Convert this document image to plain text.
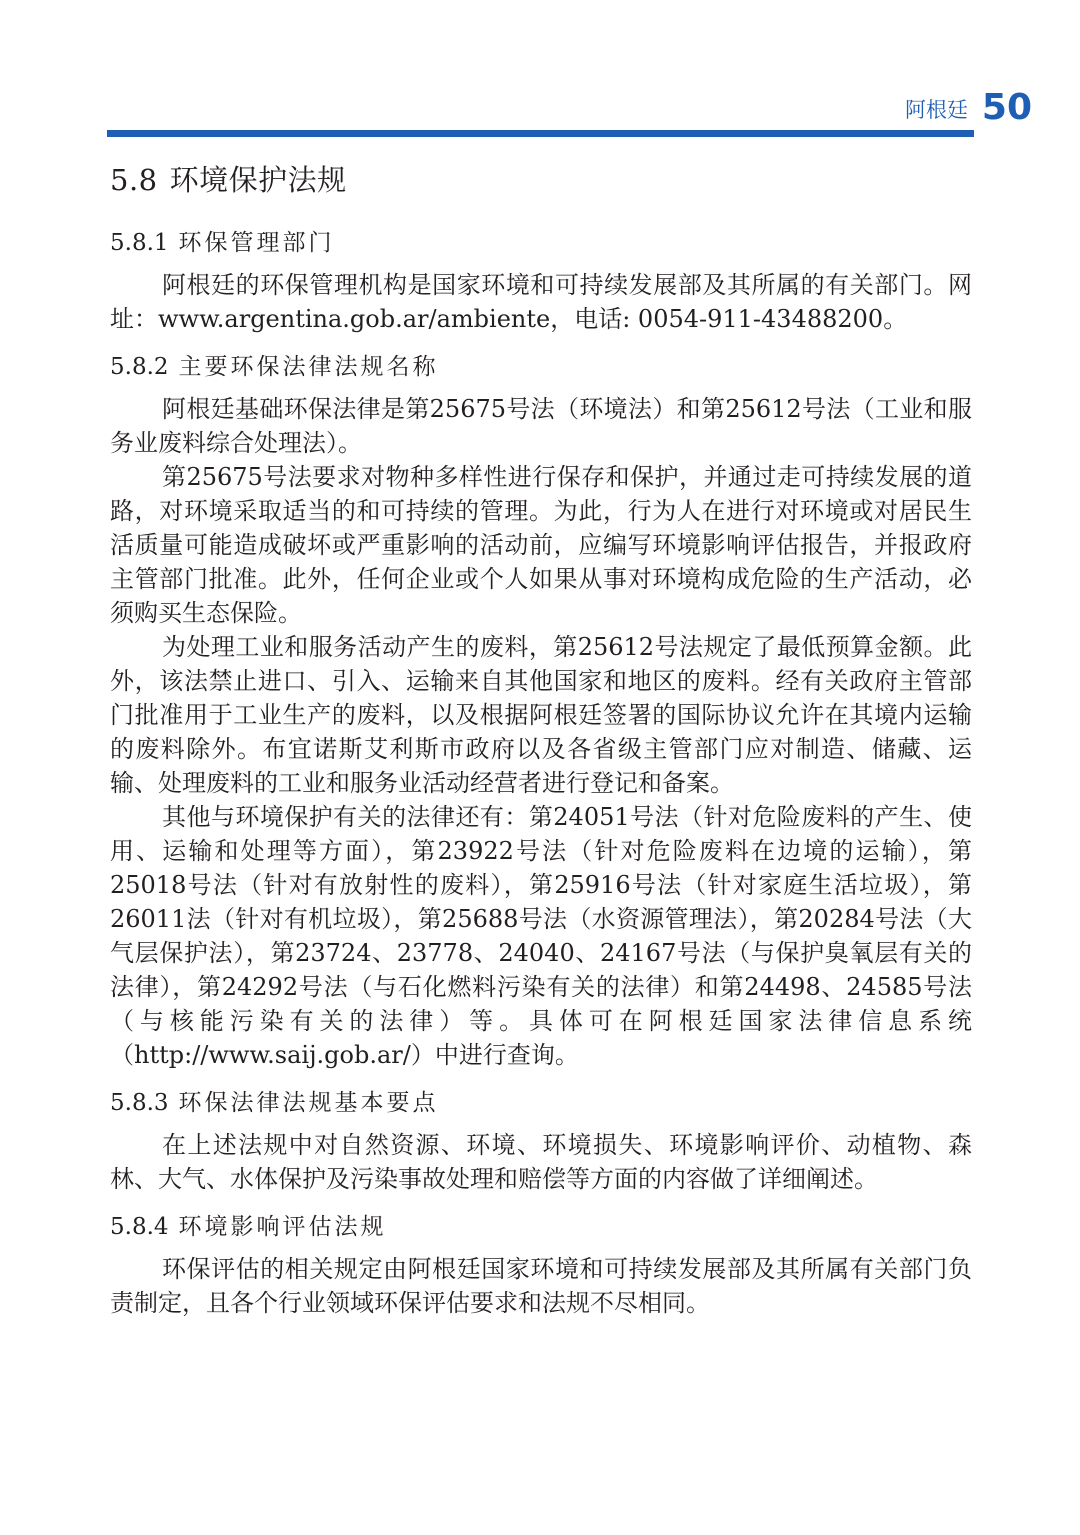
阿根廷 50
5.8 环境保护法规
5.8.1 环保管理部门

阿根廷的环保管理机构是国家环境和可持续发展部及其所属的有关部门。网址：www.argentina.gob.ar/ambiente，电话: 0054-911-43488200。

5.8.2 主要环保法律法规名称

阿根廷基础环保法律是第25675号法（环境法）和第25612号法（工业和服务业废料综合处理法）。

第25675号法要求对物种多样性进行保存和保护，并通过走可持续发展的道路，对环境采取适当的和可持续的管理。为此，行为人在进行对环境或对居民生活质量可能造成破坏或严重影响的活动前，应编写环境影响评估报告，并报政府主管部门批准。此外，任何企业或个人如果从事对环境构成危险的生产活动，必须购买生态保险。

为处理工业和服务活动产生的废料，第25612号法规定了最低预算金额。此外，该法禁止进口、引入、运输来自其他国家和地区的废料。经有关政府主管部门批准用于工业生产的废料，以及根据阿根廷签署的国际协议允许在其境内运输的废料除外。布宜诺斯艾利斯市政府以及各省级主管部门应对制造、储藏、运输、处理废料的工业和服务业活动经营者进行登记和备案。

其他与环境保护有关的法律还有：第24051号法（针对危险废料的产生、使用、运输和处理等方面），第23922号法（针对危险废料在边境的运输），第25018号法（针对有放射性的废料），第25916号法（针对家庭生活垃圾），第26011法（针对有机垃圾），第25688号法（水资源管理法），第20284号法（大气层保护法），第23724、23778、24040、24167号法（与保护臭氧层有关的法律），第24292号法（与石化燃料污染有关的法律）和第24498、24585号法（与核能污染有关的法律）等。具体可在阿根廷国家法律信息系统（http://www.saij.gob.ar/）中进行查询。

5.8.3 环保法律法规基本要点

在上述法规中对自然资源、环境、环境损失、环境影响评价、动植物、森林、大气、水体保护及污染事故处理和赔偿等方面的内容做了详细阐述。

5.8.4 环境影响评估法规

环保评估的相关规定由阿根廷国家环境和可持续发展部及其所属有关部门负责制定，且各个行业领域环保评估要求和法规不尽相同。
